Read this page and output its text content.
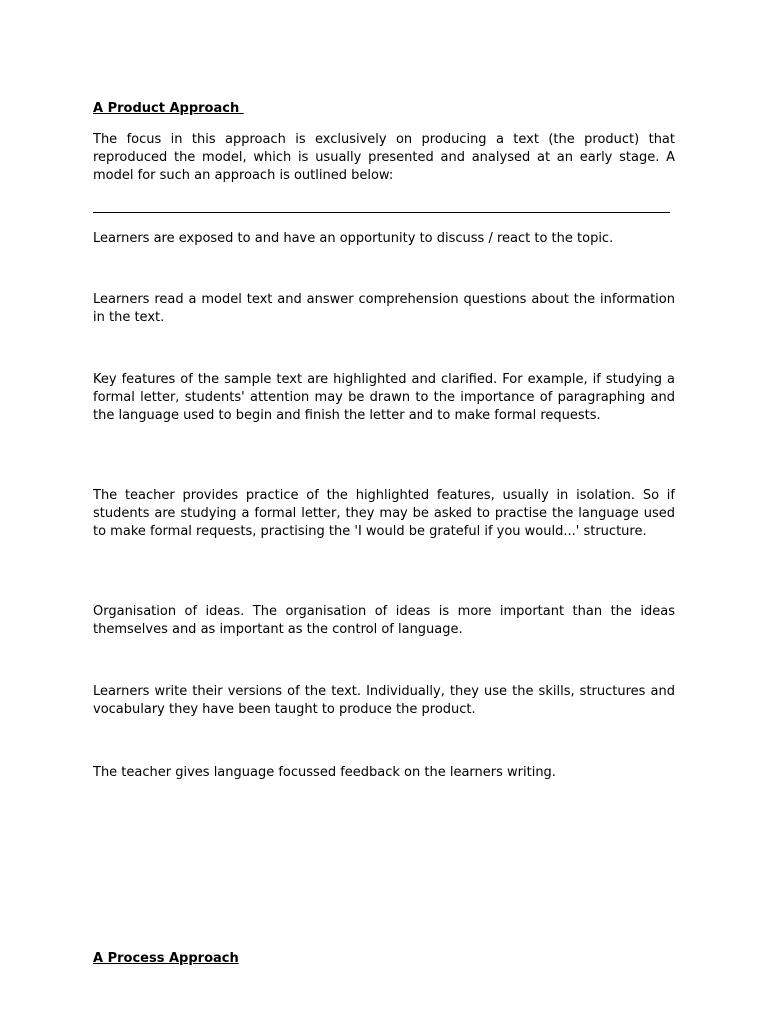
A Product Approach
The focus in this approach is exclusively on producing a text (the product) that reproduced the model, which is usually presented and analysed at an early stage. A model for such an approach is outlined below:
Learners are exposed to and have an opportunity to discuss / react to the topic.
Learners read a model text and answer comprehension questions about the information in the text.
Key features of the sample text are highlighted and clarified. For example, if studying a formal letter, students' attention may be drawn to the importance of paragraphing and the language used to begin and finish the letter and to make formal requests.
The teacher provides practice of the highlighted features, usually in isolation. So if students are studying a formal letter, they may be asked to practise the language used to make formal requests, practising the 'I would be grateful if you would...' structure.
Organisation of ideas. The organisation of ideas is more important than the ideas themselves and as important as the control of language.
Learners write their versions of the text. Individually, they use the skills, structures and vocabulary they have been taught to produce the product.
The teacher gives language focussed feedback on the learners writing.
A Process Approach
